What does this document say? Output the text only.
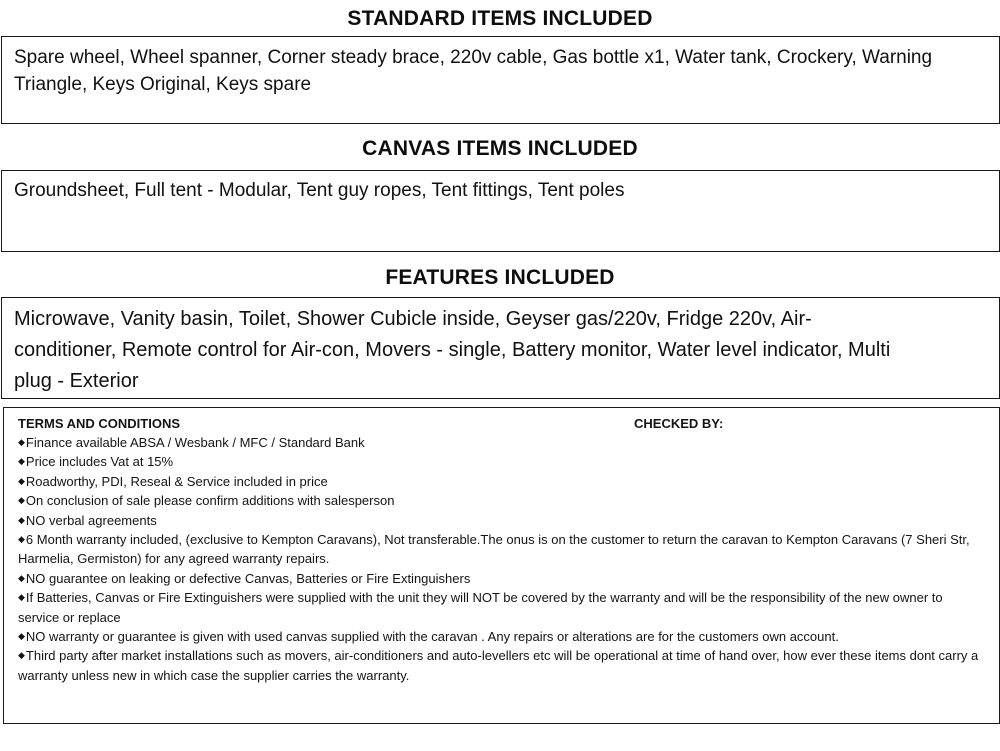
STANDARD ITEMS INCLUDED
Spare wheel, Wheel spanner, Corner steady brace, 220v cable, Gas bottle x1, Water tank, Crockery, Warning Triangle, Keys Original, Keys spare
CANVAS ITEMS INCLUDED
Groundsheet, Full tent - Modular, Tent guy ropes, Tent fittings, Tent poles
FEATURES INCLUDED
Microwave, Vanity basin, Toilet, Shower Cubicle inside, Geyser gas/220v, Fridge 220v, Air-conditioner, Remote control for Air-con, Movers - single, Battery monitor, Water level indicator, Multi plug - Exterior
TERMS AND CONDITIONS	CHECKED BY:
◆Finance available ABSA / Wesbank / MFC / Standard Bank
◆Price includes Vat at 15%
◆Roadworthy, PDI, Reseal & Service included in price
◆On conclusion of sale please confirm additions with salesperson
◆NO verbal agreements
◆6 Month warranty included, (exclusive to Kempton Caravans), Not transferable.The onus is on the customer to return the caravan to Kempton Caravans (7 Sheri Str, Harmelia, Germiston) for any agreed warranty repairs.
◆NO guarantee on leaking or defective Canvas, Batteries or Fire Extinguishers
◆If Batteries, Canvas or Fire Extinguishers were supplied with the unit they will NOT be covered by the warranty and will be the responsibility of the new owner to service or replace
◆NO warranty or guarantee is given with used canvas supplied with the caravan . Any repairs or alterations are for the customers own account.
◆Third party after market installations such as movers, air-conditioners and auto-levellers etc will be operational at time of hand over, how ever these items dont carry a warranty unless new in which case the supplier carries the warranty.
